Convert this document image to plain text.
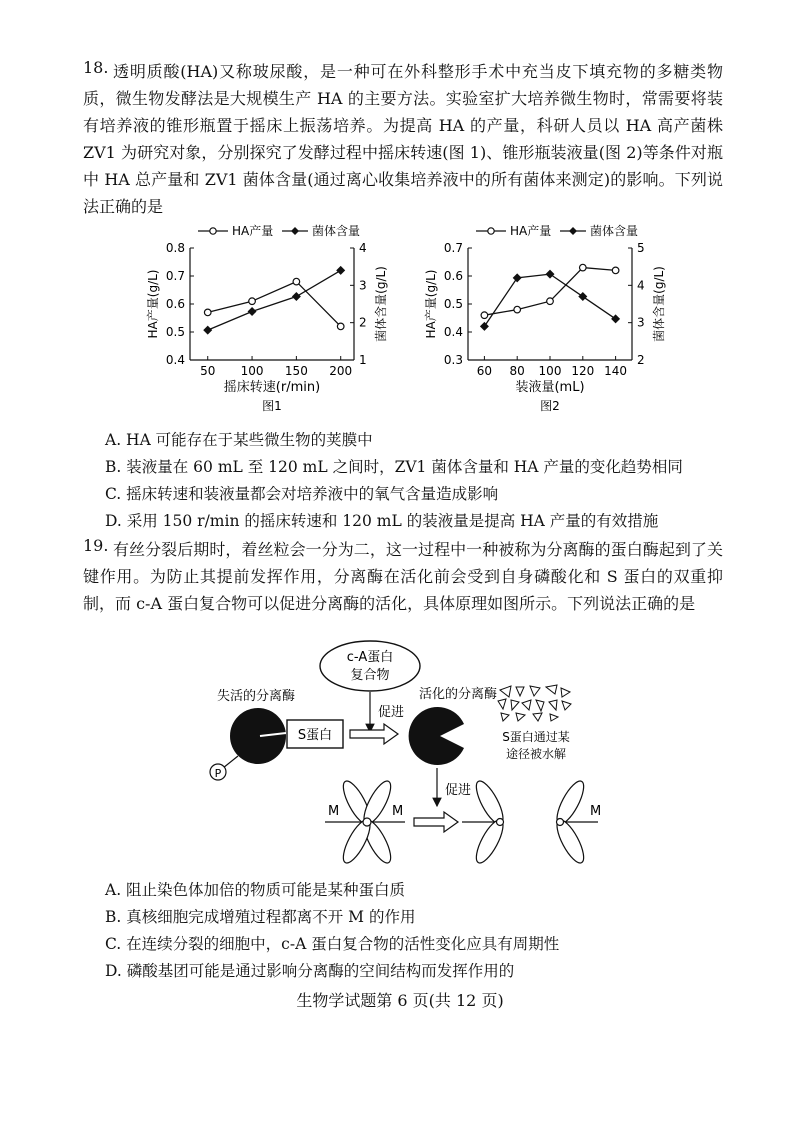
18. 透明质酸(HA)又称玻尿酸，是一种可在外科整形手术中充当皮下填充物的多糖类物质，微生物发酵法是大规模生产 HA 的主要方法。实验室扩大培养微生物时，常需要将装有培养液的锥形瓶置于摇床上振荡培养。为提高 HA 的产量，科研人员以 HA 高产菌株 ZV1 为研究对象，分别探究了发酵过程中摇床转速(图 1)、锥形瓶装液量(图 2)等条件对瓶中 HA 总产量和 ZV1 菌体含量(通过离心收集培养液中的所有菌体来测定)的影响。下列说法正确的是

HA产量	菌体含量
0.4
0.5
0.6
0.7
0.8
1
2
3
4
50 100 150 200
摇床转速(r/min)
HA产量(g/L)	菌体含量(g/L)
图1
HA产量	菌体含量
0.3
0.4
0.5
0.6
0.7
2
3
4
5
60 80 100 120 140
装液量(mL)
HA产量(g/L)	菌体含量(g/L)
图2
A. HA 可能存在于某些微生物的荚膜中
B. 装液量在 60 mL 至 120 mL 之间时，ZV1 菌体含量和 HA 产量的变化趋势相同
C. 摇床转速和装液量都会对培养液中的氧气含量造成影响
D. 采用 150 r/min 的摇床转速和 120 mL 的装液量是提高 HA 产量的有效措施
19. 有丝分裂后期时，着丝粒会一分为二，这一过程中一种被称为分离酶的蛋白酶起到了关键作用。为防止其提前发挥作用，分离酶在活化前会受到自身磷酸化和 S 蛋白的双重抑制，而 c-A 蛋白复合物可以促进分离酶的活化，具体原理如图所示。下列说法正确的是

c-A蛋白
复合物
促进
失活的分离酶
P
S蛋白
活化的分离酶
S蛋白通过某
途径被水解
促进
M	M	M
A. 阻止染色体加倍的物质可能是某种蛋白质
B. 真核细胞完成增殖过程都离不开 M 的作用
C. 在连续分裂的细胞中，c-A 蛋白复合物的活性变化应具有周期性
D. 磷酸基团可能是通过影响分离酶的空间结构而发挥作用的
生物学试题第 6 页(共 12 页)
